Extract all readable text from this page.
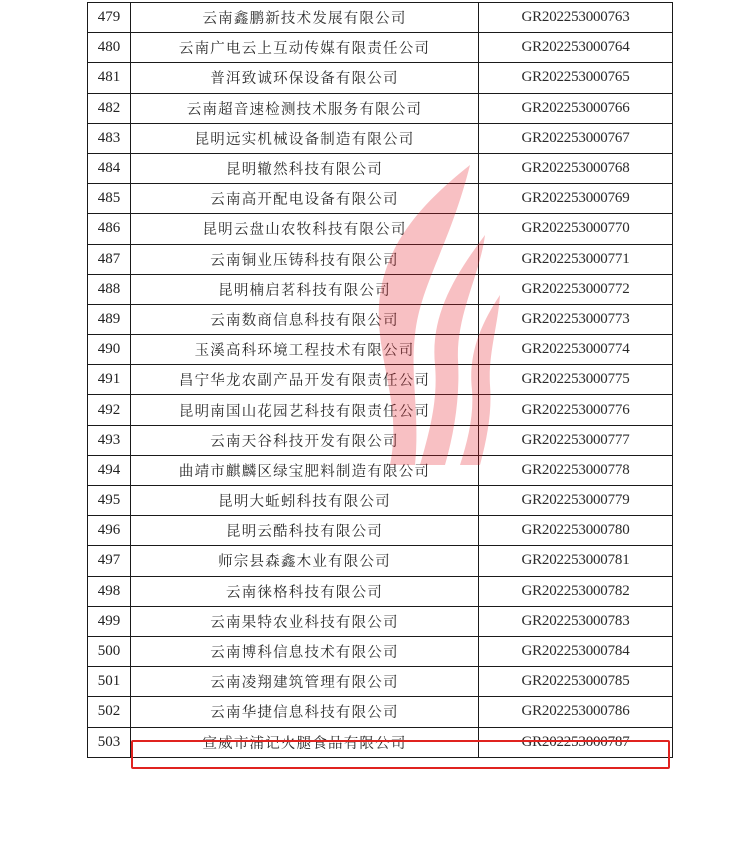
479	云南鑫鹏新技术发展有限公司	GR202253000763
480	云南广电云上互动传媒有限责任公司	GR202253000764
481	普洱致诚环保设备有限公司	GR202253000765
482	云南超音速检测技术服务有限公司	GR202253000766
483	昆明远实机械设备制造有限公司	GR202253000767
484	昆明辙然科技有限公司	GR202253000768
485	云南高开配电设备有限公司	GR202253000769
486	昆明云盘山农牧科技有限公司	GR202253000770
487	云南铜业压铸科技有限公司	GR202253000771
488	昆明楠启茗科技有限公司	GR202253000772
489	云南数商信息科技有限公司	GR202253000773
490	玉溪高科环境工程技术有限公司	GR202253000774
491	昌宁华龙农副产品开发有限责任公司	GR202253000775
492	昆明南国山花园艺科技有限责任公司	GR202253000776
493	云南天谷科技开发有限公司	GR202253000777
494	曲靖市麒麟区绿宝肥料制造有限公司	GR202253000778
495	昆明大蚯蚓科技有限公司	GR202253000779
496	昆明云酷科技有限公司	GR202253000780
497	师宗县森鑫木业有限公司	GR202253000781
498	云南徕格科技有限公司	GR202253000782
499	云南果特农业科技有限公司	GR202253000783
500	云南博科信息技术有限公司	GR202253000784
501	云南凌翔建筑管理有限公司	GR202253000785
502	云南华捷信息科技有限公司	GR202253000786
503	宣威市浦记火腿食品有限公司	GR202253000787
